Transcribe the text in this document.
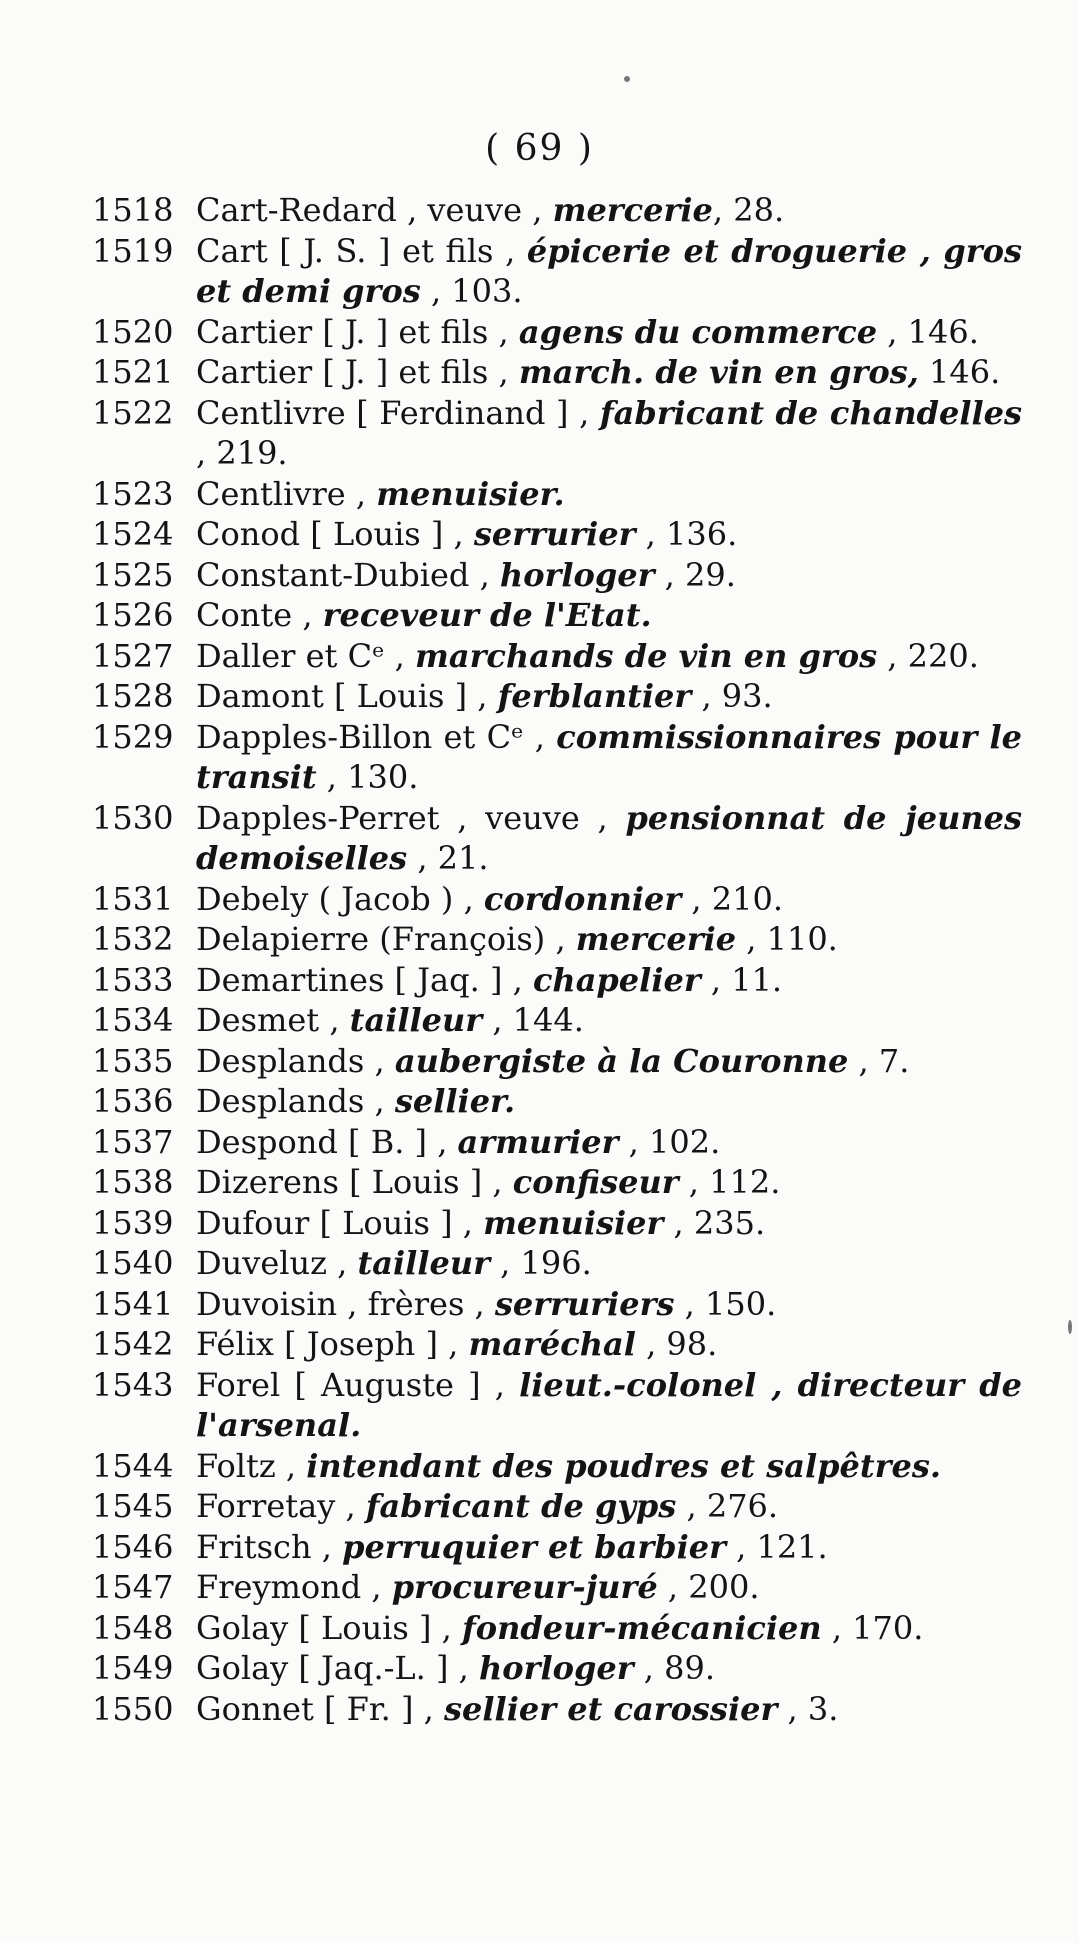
( 69 )
1518 Cart-Redard , veuve , mercerie, 28.
1519 Cart [ J. S. ] et fils , épicerie et droguerie , gros et demi gros , 103.
1520 Cartier [ J. ] et fils , agens du commerce , 146.
1521 Cartier [ J. ] et fils , march. de vin en gros, 146.
1522 Centlivre [ Ferdinand ] , fabricant de chandelles , 219.
1523 Centlivre , menuisier.
1524 Conod [ Louis ] , serrurier , 136.
1525 Constant-Dubied , horloger , 29.
1526 Conte , receveur de l'Etat.
1527 Daller et Cᵉ , marchands de vin en gros , 220.
1528 Damont [ Louis ] , ferblantier , 93.
1529 Dapples-Billon et Cᵉ , commissionnaires pour le transit , 130.
1530 Dapples-Perret , veuve , pensionnat de jeunes demoiselles , 21.
1531 Debely ( Jacob ) , cordonnier , 210.
1532 Delapierre (François) , mercerie , 110.
1533 Demartines [ Jaq. ] , chapelier , 11.
1534 Desmet , tailleur , 144.
1535 Desplands , aubergiste à la Couronne , 7.
1536 Desplands , sellier.
1537 Despond [ B. ] , armurier , 102.
1538 Dizerens [ Louis ] , confiseur , 112.
1539 Dufour [ Louis ] , menuisier , 235.
1540 Duveluz , tailleur , 196.
1541 Duvoisin , frères , serruriers , 150.
1542 Félix [ Joseph ] , maréchal , 98.
1543 Forel [ Auguste ] , lieut.-colonel , directeur de l'arsenal.
1544 Foltz , intendant des poudres et salpêtres.
1545 Forretay , fabricant de gyps , 276.
1546 Fritsch , perruquier et barbier , 121.
1547 Freymond , procureur-juré , 200.
1548 Golay [ Louis ] , fondeur-mécanicien , 170.
1549 Golay [ Jaq.-L. ] , horloger , 89.
1550 Gonnet [ Fr. ] , sellier et carossier , 3.
